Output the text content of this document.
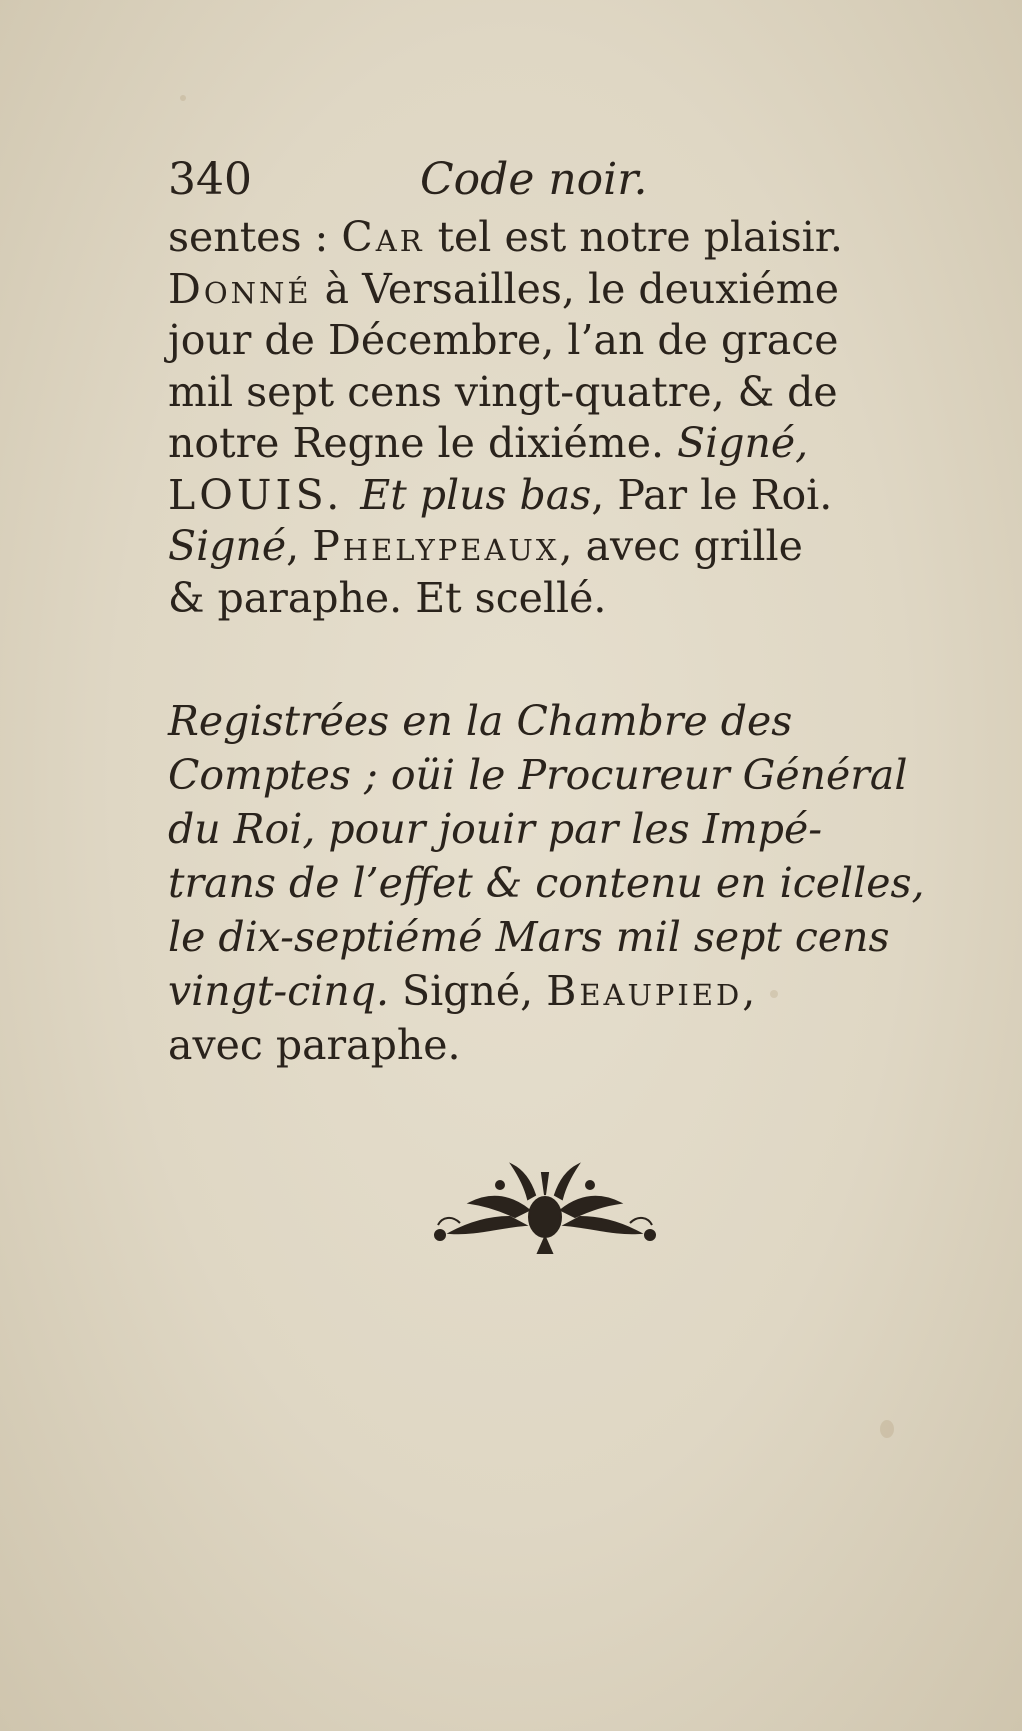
340	Code noir.
sentes : Car tel est notre plaisir.
Donné à Versailles, le deuxiéme
jour de Décembre, l’an de grace
mil sept cens vingt-quatre, & de
notre Regne le dixiéme. Signé,
LOUIS. Et plus bas, Par le Roi.
Signé, Phelypeaux, avec grille
& paraphe. Et scellé.
Registrées en la Chambre des
Comptes ; oüi le Procureur Général
du Roi, pour jouir par les Impé-
trans de l’effet & contenu en icelles,
le dix-septiémé Mars mil sept cens
vingt-cinq. Signé, Beaupied,
avec paraphe.
